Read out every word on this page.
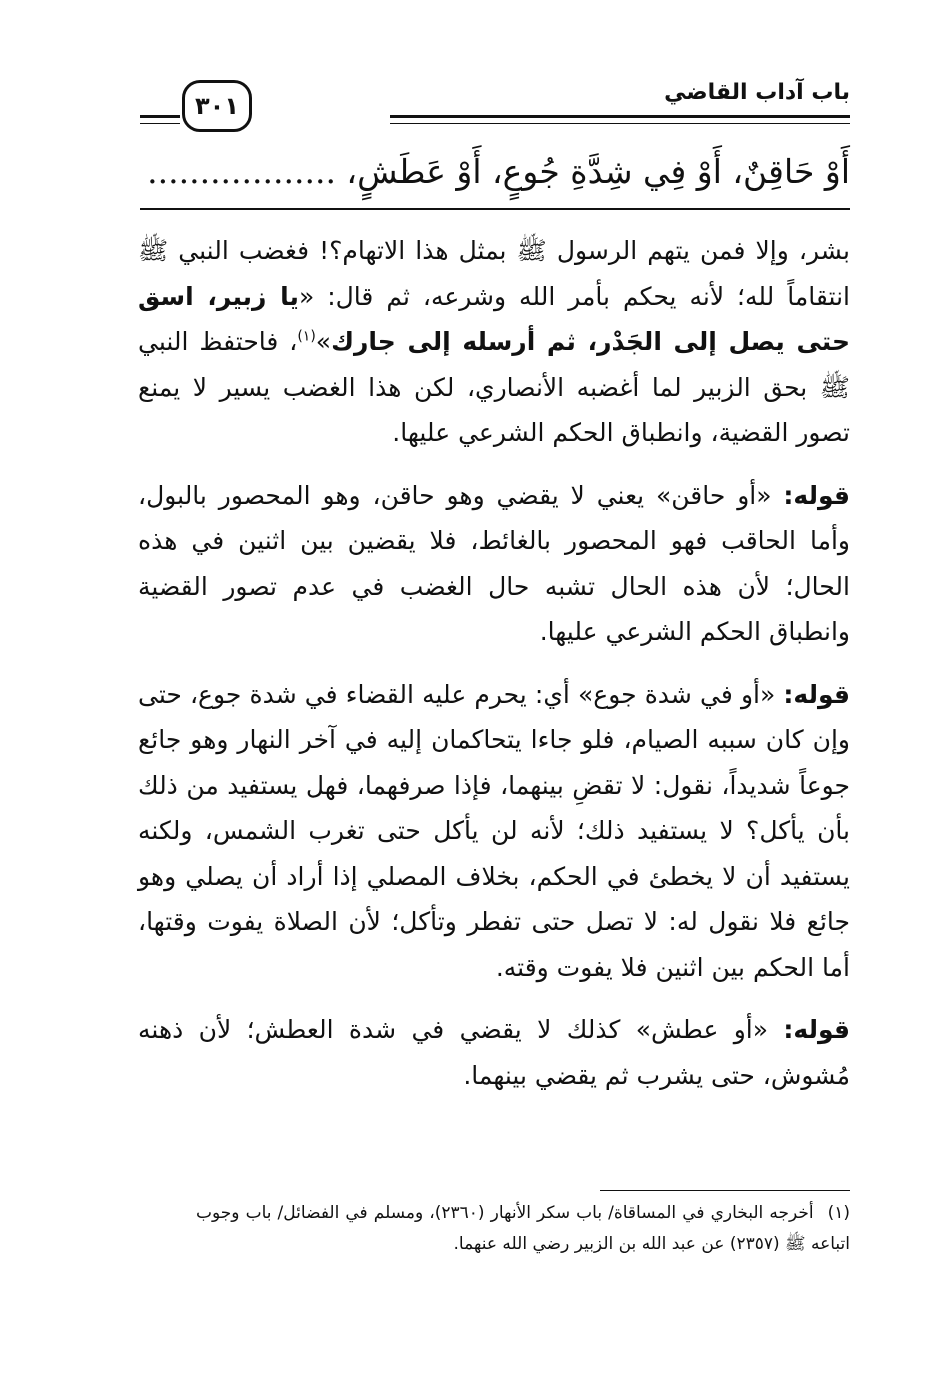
٣٠١	باب آداب القاضي
أَوْ حَاقِنٌ، أَوْ فِي شِدَّةِ جُوعٍ، أَوْ عَطَشٍ، ..................

بشر، وإلا فمن يتهم الرسول ﷺ بمثل هذا الاتهام؟! فغضب النبي ﷺ انتقاماً لله؛ لأنه يحكم بأمر الله وشرعه، ثم قال: «يا زبير، اسق حتى يصل إلى الجَدْر، ثم أرسله إلى جارك»$^{(١)}$، فاحتفظ النبي ﷺ بحق الزبير لما أغضبه الأنصاري، لكن هذا الغضب يسير لا يمنع تصور القضية، وانطباق الحكم الشرعي عليها.

قوله: «أو حاقن» يعني لا يقضي وهو حاقن، وهو المحصور بالبول، وأما الحاقب فهو المحصور بالغائط، فلا يقضين بين اثنين في هذه الحال؛ لأن هذه الحال تشبه حال الغضب في عدم تصور القضية وانطباق الحكم الشرعي عليها.

قوله: «أو في شدة جوع» أي: يحرم عليه القضاء في شدة جوع، حتى وإن كان سببه الصيام، فلو جاءا يتحاكمان إليه في آخر النهار وهو جائع جوعاً شديداً، نقول: لا تقضِ بينهما، فإذا صرفهما، فهل يستفيد من ذلك بأن يأكل؟ لا يستفيد ذلك؛ لأنه لن يأكل حتى تغرب الشمس، ولكنه يستفيد أن لا يخطئ في الحكم، بخلاف المصلي إذا أراد أن يصلي وهو جائع فلا نقول له: لا تصل حتى تفطر وتأكل؛ لأن الصلاة يفوت وقتها، أما الحكم بين اثنين فلا يفوت وقته.

قوله: «أو عطش» كذلك لا يقضي في شدة العطش؛ لأن ذهنه مُشوش، حتى يشرب ثم يقضي بينهما.

(١)أخرجه البخاري في المساقاة/ باب سكر الأنهار (٢٣٦٠)، ومسلم في الفضائل/ باب وجوب اتباعه ﷺ (٢٣٥٧) عن عبد الله بن الزبير رضي الله عنهما.
